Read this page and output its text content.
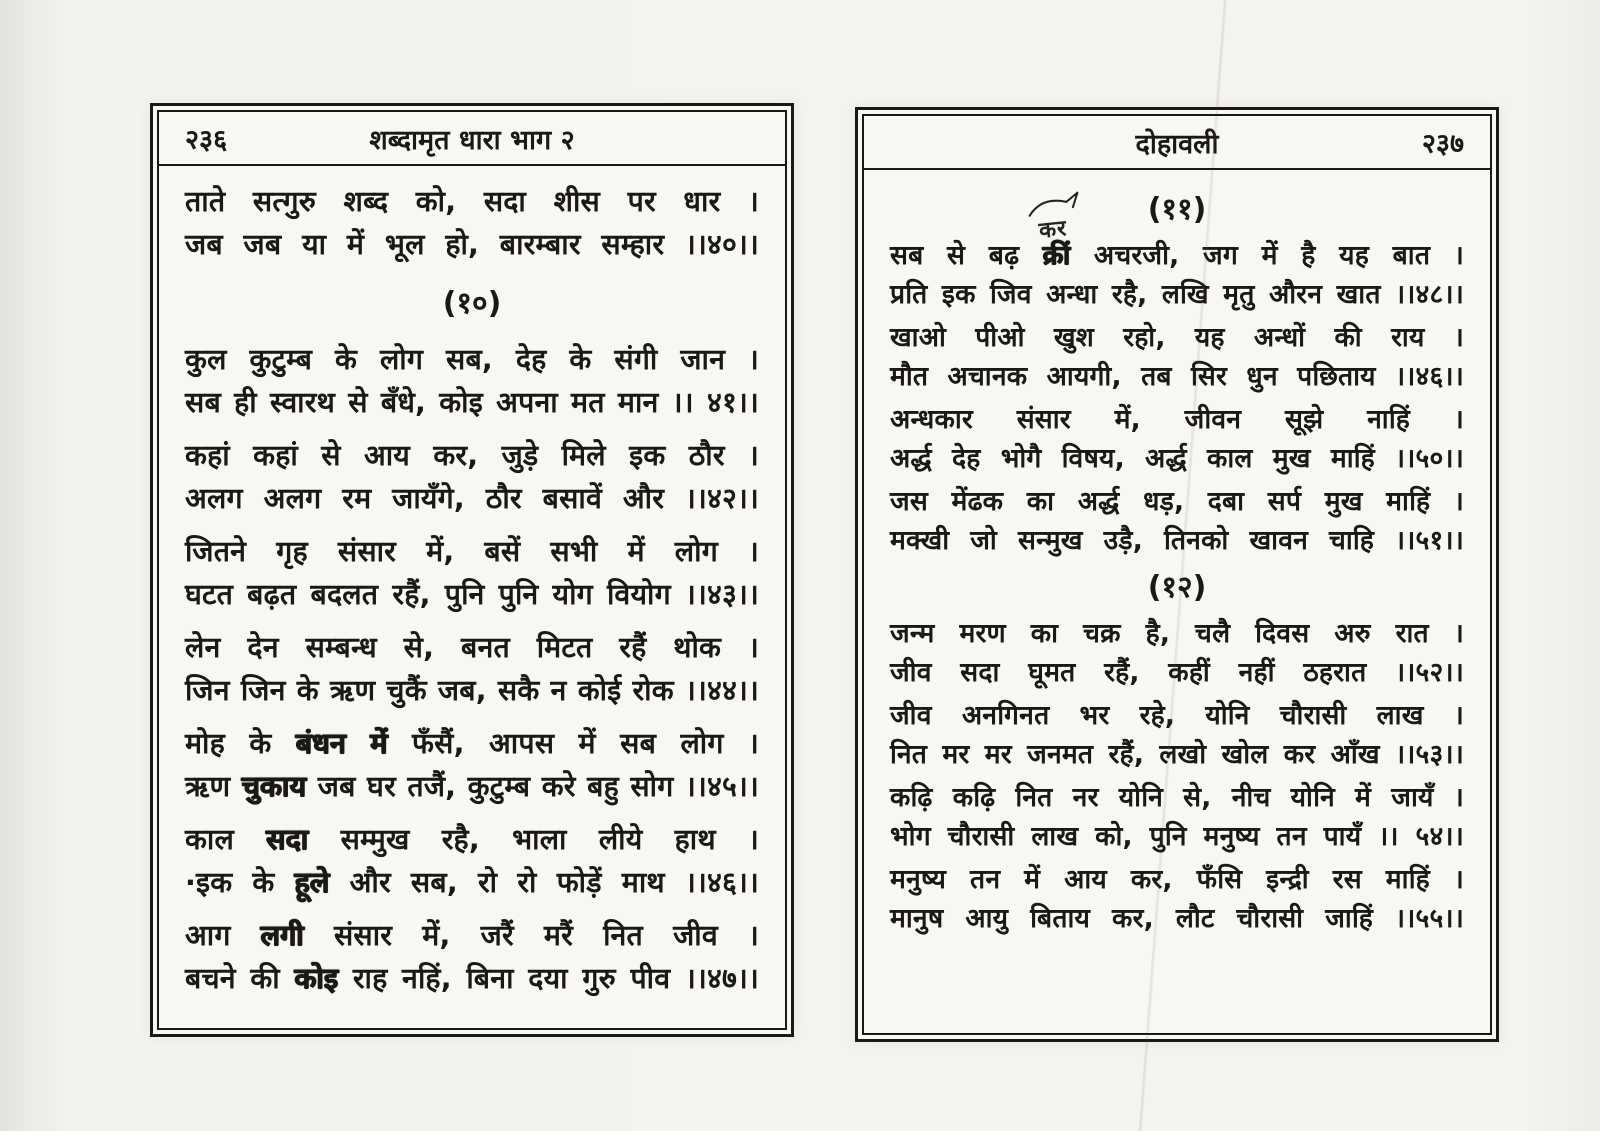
२३६	शब्दामृत धारा भाग २
ताते सत्गुरु शब्द को, सदा शीस पर धार ।
जब जब या में भूल हो, बारम्बार सम्हार ।।४०।।
(१०)
कुल कुटुम्ब के लोग सब, देह के संगी जान ।
सब ही स्वारथ से बँधे, कोइ अपना मत मान ।। ४१।।
कहां कहां से आय कर, जुड़े मिले इक ठौर ।
अलग अलग रम जायँगे, ठौर बसावें और ।।४२।।
जितने गृह संसार में, बसें सभी में लोग ।
घटत बढ़त बदलत रहैं, पुनि पुनि योग वियोग ।।४३।।
लेन देन सम्बन्ध से, बनत मिटत रहैं थोक ।
जिन जिन के ऋण चुकैं जब, सकै न कोई रोक ।।४४।।
मोह के बंधन में फँसैं, आपस में सब लोग ।
ऋण चुकाय जब घर तजैं, कुटुम्ब करे बहु सोग ।।४५।।
काल सदा सम्मुख रहै, भाला लीये हाथ ।
·इक के हूले और सब, रो रो फोड़ें माथ ।।४६।।
आग लगी संसार में, जरैं मरैं नित जीव ।
बचने की कोइ राह नहिं, बिना दया गुरु पीव ।।४७।।
दोहावली	२३७
(११)
सब से बढ़ क्रीं अचरजी, जग में है यह बात ।
प्रति इक जिव अन्धा रहै, लखि मृतु औरन खात ।।४८।।
खाओ पीओ खुश रहो, यह अन्धों की राय ।
मौत अचानक आयगी, तब सिर धुन पछिताय ।।४६।।
अन्धकार संसार में, जीवन सूझे नाहिं ।
अर्द्ध देह भोगै विषय, अर्द्ध काल मुख माहिं ।।५०।।
जस मेंढक का अर्द्ध धड़, दबा सर्प मुख माहिं ।
मक्खी जो सन्मुख उड़ै, तिनको खावन चाहि ।।५१।।
(१२)
जन्म मरण का चक्र है, चलै दिवस अरु रात ।
जीव सदा घूमत रहैं, कहीं नहीं ठहरात ।।५२।।
जीव अनगिनत भर रहे, योनि चौरासी लाख ।
नित मर मर जनमत रहैं, लखो खोल कर आँख ।।५३।।
कढ़ि कढ़ि नित नर योनि से, नीच योनि में जायँ ।
भोग चौरासी लाख को, पुनि मनुष्य तन पायँ ।। ५४।।
मनुष्य तन में आय कर, फँसि इन्द्री रस माहिं ।
मानुष आयु बिताय कर, लौट चौरासी जाहिं ।।५५।।
कर
